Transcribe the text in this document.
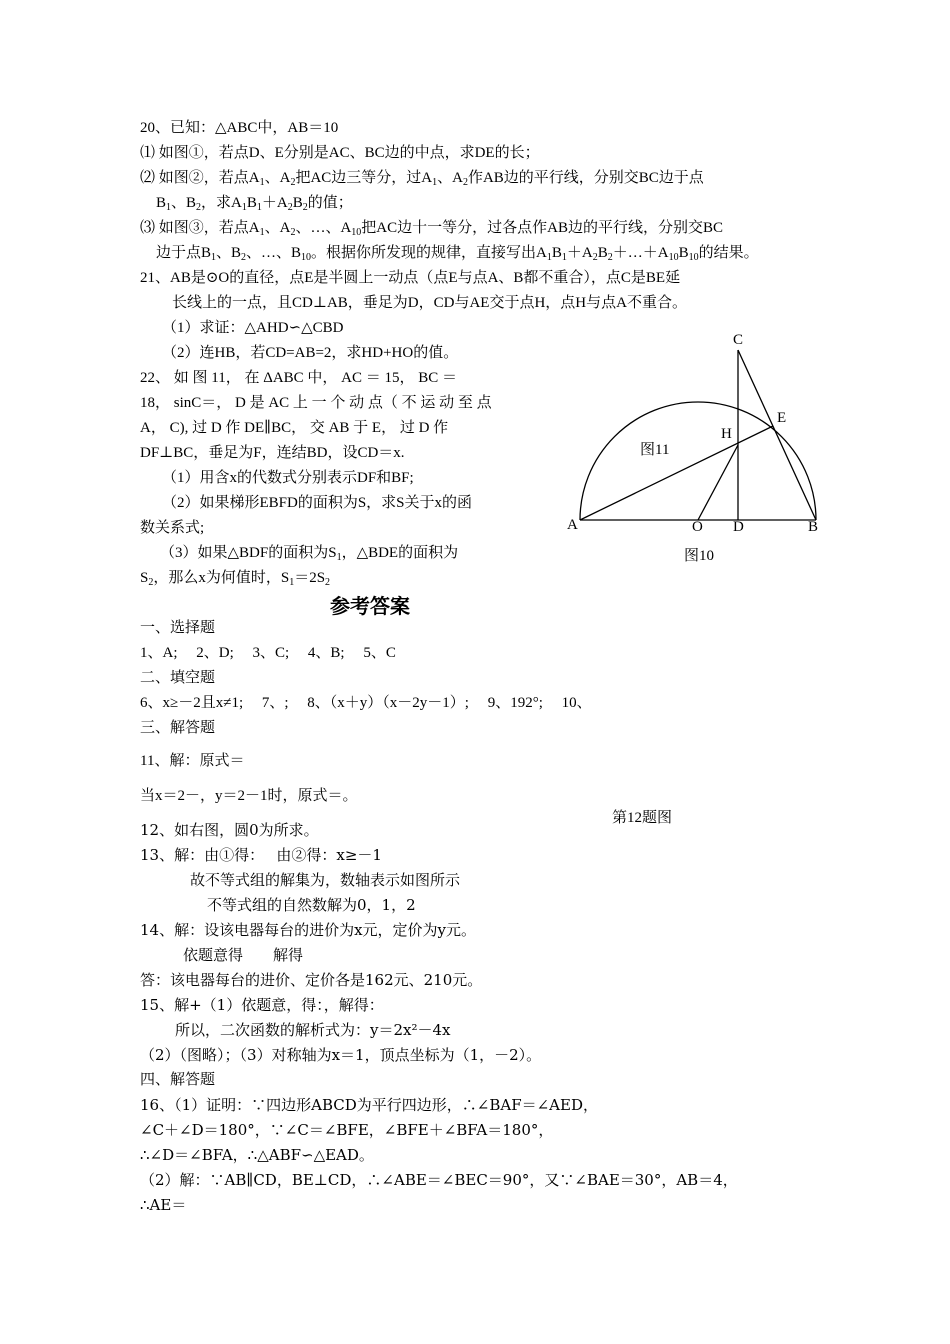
20、已知：△ABC中，AB＝10
⑴ 如图①，若点D、E分别是AC、BC边的中点，求DE的长；
⑵ 如图②，若点$A_1$、$A_2$把AC边三等分，过$A_1$、$A_2$作AB边的平行线，分别交BC边于点
$B_1$、$B_2$，求$A_1B_1+A_2B_2$的值；
⑶ 如图③，若点$A_1$、$A_2$、…、$A_{10}$把AC边十一等分，过各点作AB边的平行线，分别交BC
边于点$B_1$、$B_2$、…、$B_{10}$。根据你所发现的规律，直接写出$A_1B_1+A_2B_2+\dots+A_{10}B_{10}$的结果。
21、AB是⊙O的直径，点E是半圆上一动点（点E与点A、B都不重合），点C是BE延
长线上的一点，且CD⊥AB，垂足为D，CD与AE交于点H，点H与点A不重合。
（1）求证：△AHD∽△CBD
（2）连HB，若CD=AB=2，求HD+HO的值。
22、 如 图 11， 在 ΔABC 中， AC ＝ 15， BC ＝
18， sinC＝， D 是 AC 上 一 个 动 点（ 不 运 动 至 点
A， C), 过 D 作 DE∥BC， 交 AB 于 E， 过 D 作
DF⊥BC，垂足为F，连结BD，设CD＝x.
（1）用含x的代数式分别表示DF和BF;
（2）如果梯形EBFD的面积为S，求S关于x的函
数关系式;
（3）如果△BDF的面积为$S_1$，△BDE的面积为
$S_2$，那么x为何值时，$S_1=2S_2$
C
E
H
图11
A	O D	B
图10
参考答案
一、选择题
1、A;　 2、D;　 3、C;　 4、B;　 5、C
二、填空题
6、x≥－2且x≠1;　 7、;　 8、（x＋y）（x－2y－1）;　 9、192°;　 10、
三、解答题
11、解：原式＝
当x＝2－，y＝2－1时，原式＝。
第12题图
12、如右图，圆0为所求。
13、解：由①得：　 由②得：x≥－1
故不等式组的解集为，数轴表示如图所示
不等式组的自然数解为0，1，2
14、解：设该电器每台的进价为x元，定价为y元。
依题意得　　解得
答：该电器每台的进价、定价各是162元、210元。
15、解+（1）依题意，得：，解得：
所以，二次函数的解析式为：y＝2x²－4x
（2）（图略）；（3）对称轴为x＝1，顶点坐标为（1，－2）。
四、解答题
16、（1）证明：∵四边形ABCD为平行四边形，∴∠BAF＝∠AED，
∠C＋∠D＝180°，∵∠C＝∠BFE，∠BFE＋∠BFA＝180°，
∴∠D＝∠BFA，∴△ABF∽△EAD。
（2）解：∵AB∥CD，BE⊥CD，∴∠ABE＝∠BEC＝90°，又∵∠BAE＝30°，AB＝4，
∴AE＝
